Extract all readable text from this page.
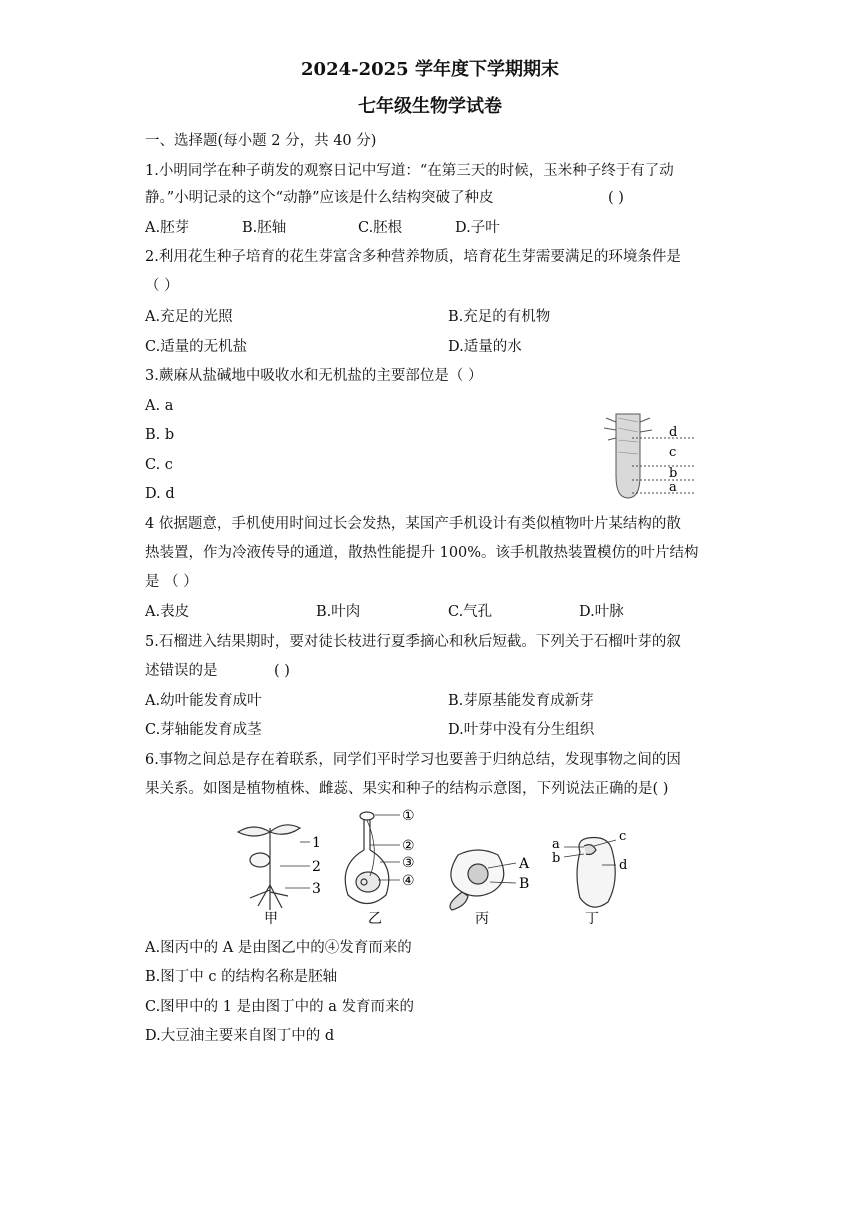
2024-2025 学年度下学期期末
七年级生物学试卷
一、选择题(每小题 2 分，共 40 分)
1.小明同学在种子萌发的观察日记中写道：“在第三天的时候，玉米种子终于有了动
静。”小明记录的这个“动静”应该是什么结构突破了种皮	( )
A.胚芽	B.胚轴	C.胚根	D.子叶
2.利用花生种子培育的花生芽富含多种营养物质，培育花生芽需要满足的环境条件是
（ ）
A.充足的光照	B.充足的有机物
C.适量的无机盐	D.适量的水
3.蕨麻从盐碱地中吸收水和无机盐的主要部位是（ ）
A. a
B. b
C. c
D. d
d
c
b
a
4 依据题意，手机使用时间过长会发热，某国产手机设计有类似植物叶片某结构的散
热装置，作为冷液传导的通道，散热性能提升 100%。该手机散热装置模仿的叶片结构
是 （ ）
A.表皮	B.叶肉	C.气孔	D.叶脉
5.石榴进入结果期时，要对徒长枝进行夏季摘心和秋后短截。下列关于石榴叶芽的叙
述错误的是	( )
A.幼叶能发育成叶	B.芽原基能发育成新芽
C.芽轴能发育成茎	D.叶芽中没有分生组织
6.事物之间总是存在着联系，同学们平时学习也要善于归纳总结，发现事物之间的因
果关系。如图是植物植株、雌蕊、果实和种子的结构示意图，下列说法正确的是( )
1
2
3
甲
①
②
③
④
乙
A
B
丙
a
b
c
d
丁
A.图丙中的 A 是由图乙中的④发育而来的
B.图丁中 c 的结构名称是胚轴
C.图甲中的 1 是由图丁中的 a 发育而来的
D.大豆油主要来自图丁中的 d
